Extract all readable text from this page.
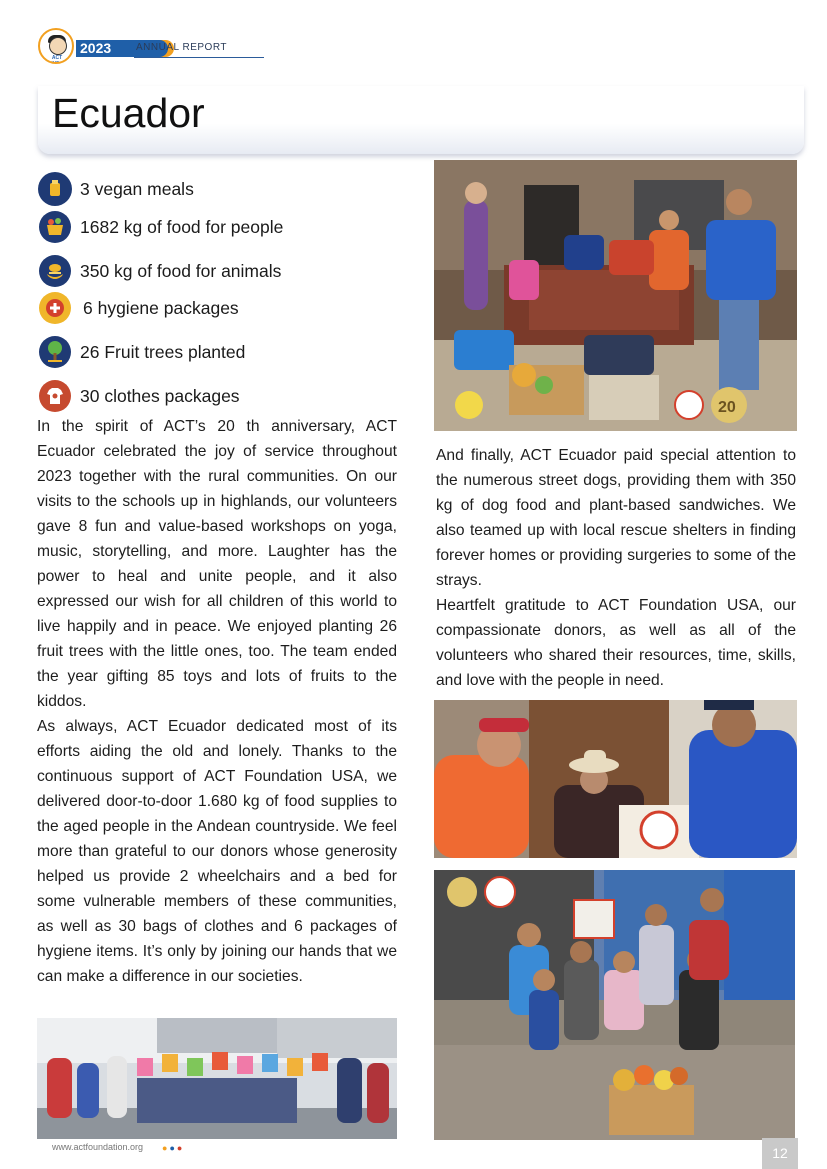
ACT FOUNDATION
2023	ANNUAL REPORT
Ecuador
3 vegan meals
1682 kg of food for people
350 kg of food for animals
6 hygiene packages
26 Fruit trees planted
30 clothes packages

In the spirit of ACT’s 20 th anniversary, ACT Ecuador celebrated the joy of service throughout 2023 together with the rural communities. On our visits to the schools up in highlands, our volunteers gave 8 fun and value-based workshops on yoga, music, storytelling, and more. Laughter has the power to heal and unite people, and it also expressed our wish for all children of this world to live happily and in peace. We enjoyed planting 26 fruit trees with the little ones, too. The team ended the year gifting 85 toys and lots of fruits to the kiddos.

As always, ACT Ecuador dedicated most of its efforts aiding the old and lonely. Thanks to the continuous support of ACT Foundation USA, we delivered door-to-door 1.680 kg of food supplies to the aged people in the Andean countryside. We feel more than grateful to our donors whose generosity helped us provide 2 wheelchairs and a bed for some vulnerable members of these communities, as well as 30 bags of clothes and 6 packages of hygiene items. It’s only by joining our hands that we can make a difference in our societies.

And finally, ACT Ecuador paid special attention to the numerous street dogs, providing them with 350 kg of dog food and plant-based sandwiches. We also teamed up with local rescue shelters in finding forever homes or providing surgeries to some of the strays.

Heartfelt gratitude to ACT Foundation USA, our compassionate donors, as well as all of the volunteers who shared their resources, time, skills, and love with the people in need.

20
www.actfoundation.org ●●●	12
